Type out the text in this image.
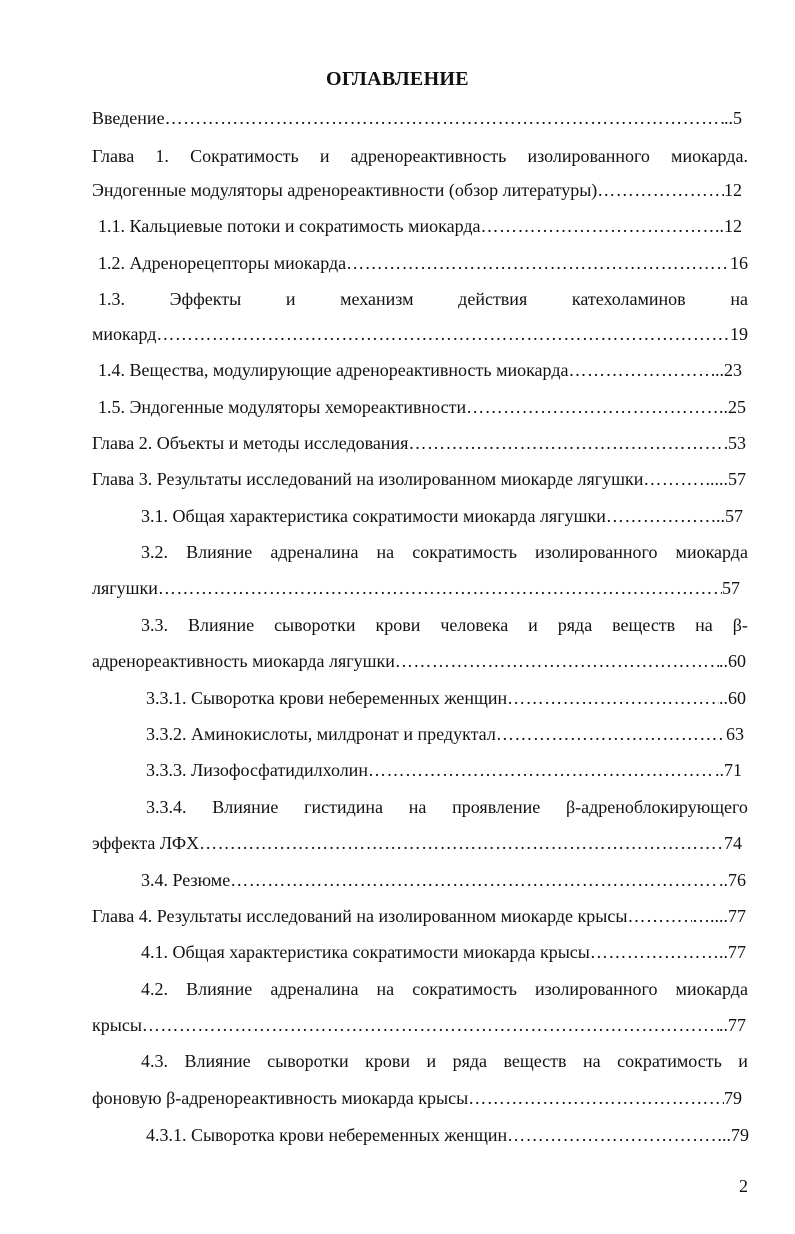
ОГЛАВЛЕНИЕ
Введение ……………………………………………………………………………………………………………………………………………………………………	..5
Глава 1. Сократимость и адренореактивность изолированного миокарда.
Эндогенные модуляторы адренореактивности (обзор литературы) ……………………………………………………………………………………………………………………………………………………………………	12
1.1. Кальциевые потоки и сократимость миокарда ……………………………………………………………………………………………………………………………………………………………………	..12
1.2. Адренорецепторы миокарда ……………………………………………………………………………………………………………………………………………………………………	16
1.3. Эффекты и механизм действия катехоламинов на
миокард ……………………………………………………………………………………………………………………………………………………………………	19
1.4. Вещества, модулирующие адренореактивность миокарда ……………………………………………………………………………………………………………………………………………………………………	..23
1.5. Эндогенные модуляторы хемореактивности ……………………………………………………………………………………………………………………………………………………………………	..25
Глава 2. Объекты и методы исследования ……………………………………………………………………………………………………………………………………………………………………	53
Глава 3. Результаты исследований на изолированном миокарде лягушки ……………………………………………………………………………………………………………………………………………………………………	.....57
3.1. Общая характеристика сократимости миокарда лягушки ……………………………………………………………………………………………………………………………………………………………………	..57
3.2. Влияние адреналина на сократимость изолированного миокарда
лягушки ……………………………………………………………………………………………………………………………………………………………………	57
3.3. Влияние сыворотки крови человека и ряда веществ на β-
адренореактивность миокарда лягушки ……………………………………………………………………………………………………………………………………………………………………	..60
3.3.1. Сыворотка крови небеременных женщин ……………………………………………………………………………………………………………………………………………………………………	..60
3.3.2. Аминокислоты, милдронат и предуктал ……………………………………………………………………………………………………………………………………………………………………	63
3.3.3. Лизофосфатидилхолин ……………………………………………………………………………………………………………………………………………………………………	..71
3.3.4. Влияние гистидина на проявление β-адреноблокирующего
эффекта ЛФХ ……………………………………………………………………………………………………………………………………………………………………	74
3.4. Резюме ……………………………………………………………………………………………………………………………………………………………………	..76
Глава 4. Результаты исследований на изолированном миокарде крысы ……………………………………………………………………………………………………………………………………………………………………	…....77
4.1. Общая характеристика сократимости миокарда крысы ……………………………………………………………………………………………………………………………………………………………………	..77
4.2. Влияние адреналина на сократимость изолированного миокарда
крысы ……………………………………………………………………………………………………………………………………………………………………	..77
4.3. Влияние сыворотки крови и ряда веществ на сократимость и
фоновую β-адренореактивность миокарда крысы ……………………………………………………………………………………………………………………………………………………………………	79
4.3.1. Сыворотка крови небеременных женщин ……………………………………………………………………………………………………………………………………………………………………	..79
2
